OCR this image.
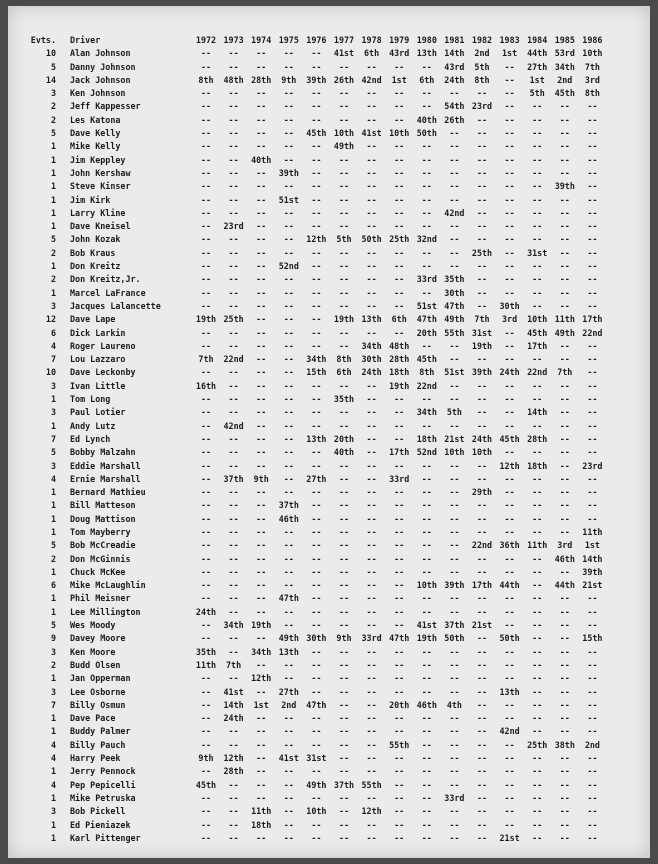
Evts. Driver	1972 1973 1974 1975 1976 1977 1978 1979 1980 1981 1982 1983 1984 1985 1986
10 Alan Johnson	--	--	--	--	--	41st	6th	43rd 13th 14th	2nd	1st	44th 53rd 10th
5 Danny Johnson	--	--	--	--	--	--	--	--	--	43rd	5th	--	27th 34th	7th
14 Jack Johnson	8th	48th 28th	9th	39th 26th 42nd	1st	6th	24th	8th	--	1st	2nd	3rd
3 Ken Johnson	--	--	--	--	--	--	--	--	--	--	--	--	5th	45th	8th
2 Jeff Kappesser	--	--	--	--	--	--	--	--	--	54th 23rd	--	--	--	--
2 Les Katona	--	--	--	--	--	--	--	--	40th 26th	--	--	--	--	--
5 Dave Kelly	--	--	--	--	45th 10th 41st 10th 50th	--	--	--	--	--	--
1 Mike Kelly	--	--	--	--	--	49th	--	--	--	--	--	--	--	--	--
1 Jim Keppley	--	--	40th	--	--	--	--	--	--	--	--	--	--	--	--
1 John Kershaw	--	--	--	39th	--	--	--	--	--	--	--	--	--	--	--
1 Steve Kinser	--	--	--	--	--	--	--	--	--	--	--	--	--	39th	--
1 Jim Kirk	--	--	--	51st	--	--	--	--	--	--	--	--	--	--	--
1 Larry Kline	--	--	--	--	--	--	--	--	--	42nd	--	--	--	--	--
1 Dave Kneisel	--	23rd	--	--	--	--	--	--	--	--	--	--	--	--	--
5 John Kozak	--	--	--	--	12th	5th	50th 25th 32nd	--	--	--	--	--	--
2 Bob Kraus	--	--	--	--	--	--	--	--	--	--	25th	--	31st	--	--
1 Don Kreitz	--	--	--	52nd	--	--	--	--	--	--	--	--	--	--	--
2 Don Kreitz,Jr.	--	--	--	--	--	--	--	--	33rd 35th	--	--	--	--	--
1 Marcel LaFrance	--	--	--	--	--	--	--	--	--	30th	--	--	--	--	--
3 Jacques Lalancette	--	--	--	--	--	--	--	--	51st 47th	--	30th	--	--	--
12 Dave Lape	19th 25th	--	--	--	19th 13th	6th	47th 49th	7th	3rd	10th 11th 17th
6 Dick Larkin	--	--	--	--	--	--	--	--	20th 55th 31st	--	45th 49th 22nd
4 Roger Laureno	--	--	--	--	--	--	34th 48th	--	--	19th	--	17th	--	--
7 Lou Lazzaro	7th	22nd	--	--	34th	8th	30th 28th 45th	--	--	--	--	--	--
10 Dave Leckonby	--	--	--	--	15th	6th	24th 18th	8th	51st 39th 24th 22nd	7th	--
3 Ivan Little	16th	--	--	--	--	--	--	19th 22nd	--	--	--	--	--	--
1 Tom Long	--	--	--	--	--	35th	--	--	--	--	--	--	--	--	--
3 Paul Lotier	--	--	--	--	--	--	--	--	34th	5th	--	--	14th	--	--
1 Andy Lutz	--	42nd	--	--	--	--	--	--	--	--	--	--	--	--	--
7 Ed Lynch	--	--	--	--	13th 20th	--	--	18th 21st 24th 45th 28th	--	--
5 Bobby Malzahn	--	--	--	--	--	40th	--	17th 52nd 10th 10th	--	--	--	--
3 Eddie Marshall	--	--	--	--	--	--	--	--	--	--	--	12th 18th	--	23rd
4 Ernie Marshall	--	37th	9th	--	27th	--	--	33rd	--	--	--	--	--	--	--
1 Bernard Mathieu	--	--	--	--	--	--	--	--	--	--	29th	--	--	--	--
1 Bill Matteson	--	--	--	37th	--	--	--	--	--	--	--	--	--	--	--
1 Doug Mattison	--	--	--	46th	--	--	--	--	--	--	--	--	--	--	--
1 Tom Mayberry	--	--	--	--	--	--	--	--	--	--	--	--	--	--	11th
5 Bob McCreadie	--	--	--	--	--	--	--	--	--	--	22nd 36th 11th	3rd	1st
2 Don McGinnis	--	--	--	--	--	--	--	--	--	--	--	--	--	46th 14th
1 Chuck McKee	--	--	--	--	--	--	--	--	--	--	--	--	--	--	39th
6 Mike McLaughlin	--	--	--	--	--	--	--	--	10th 39th 17th 44th	--	44th 21st
1 Phil Meisner	--	--	--	47th	--	--	--	--	--	--	--	--	--	--	--
1 Lee Millington	24th	--	--	--	--	--	--	--	--	--	--	--	--	--	--
5 Wes Moody	--	34th 19th	--	--	--	--	--	41st 37th 21st	--	--	--	--
9 Davey Moore	--	--	--	49th 30th	9th	33rd 47th 19th 50th	--	50th	--	--	15th
3 Ken Moore	35th	--	34th 13th	--	--	--	--	--	--	--	--	--	--	--
2 Budd Olsen	11th	7th	--	--	--	--	--	--	--	--	--	--	--	--	--
1 Jan Opperman	--	--	12th	--	--	--	--	--	--	--	--	--	--	--	--
3 Lee Osborne	--	41st	--	27th	--	--	--	--	--	--	--	13th	--	--	--
7 Billy Osmun	--	14th	1st	2nd	47th	--	--	20th 46th	4th	--	--	--	--	--
1 Dave Pace	--	24th	--	--	--	--	--	--	--	--	--	--	--	--	--
1 Buddy Palmer	--	--	--	--	--	--	--	--	--	--	--	42nd	--	--	--
4 Billy Pauch	--	--	--	--	--	--	--	55th	--	--	--	--	25th 38th	2nd
4 Harry Peek	9th	12th	--	41st 31st	--	--	--	--	--	--	--	--	--	--
1 Jerry Pennock	--	28th	--	--	--	--	--	--	--	--	--	--	--	--	--
4 Pep Pepicelli	45th	--	--	--	49th 37th 55th	--	--	--	--	--	--	--	--
1 Mike Petruska	--	--	--	--	--	--	--	--	--	33rd	--	--	--	--	--
3 Bob Pickell	--	--	11th	--	10th	--	12th	--	--	--	--	--	--	--	--
1 Ed Pieniazek	--	--	18th	--	--	--	--	--	--	--	--	--	--	--	--
1 Karl Pittenger	--	--	--	--	--	--	--	--	--	--	--	21st	--	--	--
